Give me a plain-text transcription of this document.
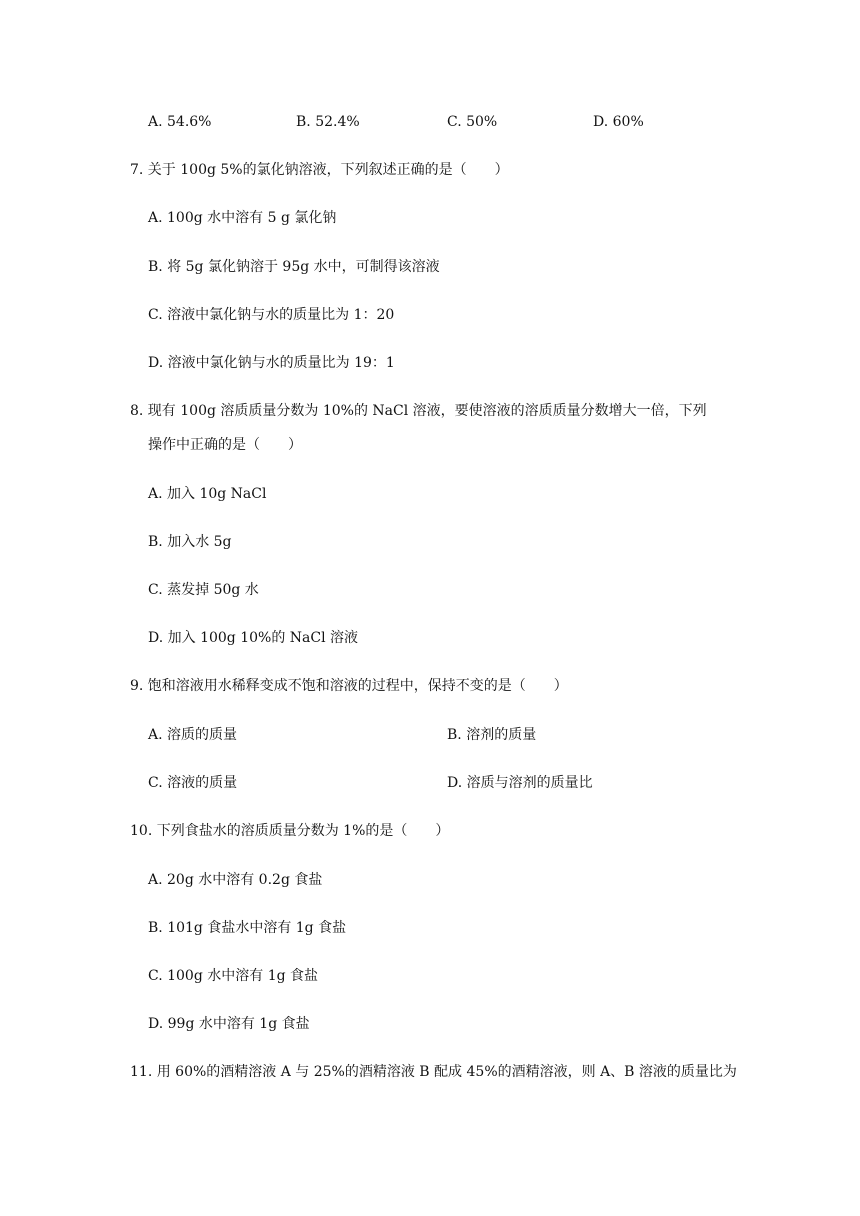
A. 54.6%	B. 52.4%	C. 50%	D. 60%
7. 关于 100g 5%的氯化钠溶液，下列叙述正确的是（　　）
A. 100g 水中溶有 5 g 氯化钠
B. 将 5g 氯化钠溶于 95g 水中，可制得该溶液
C. 溶液中氯化钠与水的质量比为 1：20
D. 溶液中氯化钠与水的质量比为 19：1
8. 现有 100g 溶质质量分数为 10%的 NaCl 溶液，要使溶液的溶质质量分数增大一倍，下列
操作中正确的是（　　）
A. 加入 10g NaCl
B. 加入水 5g
C. 蒸发掉 50g 水
D. 加入 100g 10%的 NaCl 溶液
9. 饱和溶液用水稀释变成不饱和溶液的过程中，保持不变的是（　　）
A. 溶质的质量	B. 溶剂的质量
C. 溶液的质量	D. 溶质与溶剂的质量比
10. 下列食盐水的溶质质量分数为 1%的是（　　）
A. 20g 水中溶有 0.2g 食盐
B. 101g 食盐水中溶有 1g 食盐
C. 100g 水中溶有 1g 食盐
D. 99g 水中溶有 1g 食盐
11. 用 60%的酒精溶液 A 与 25%的酒精溶液 B 配成 45%的酒精溶液，则 A、B 溶液的质量比为
